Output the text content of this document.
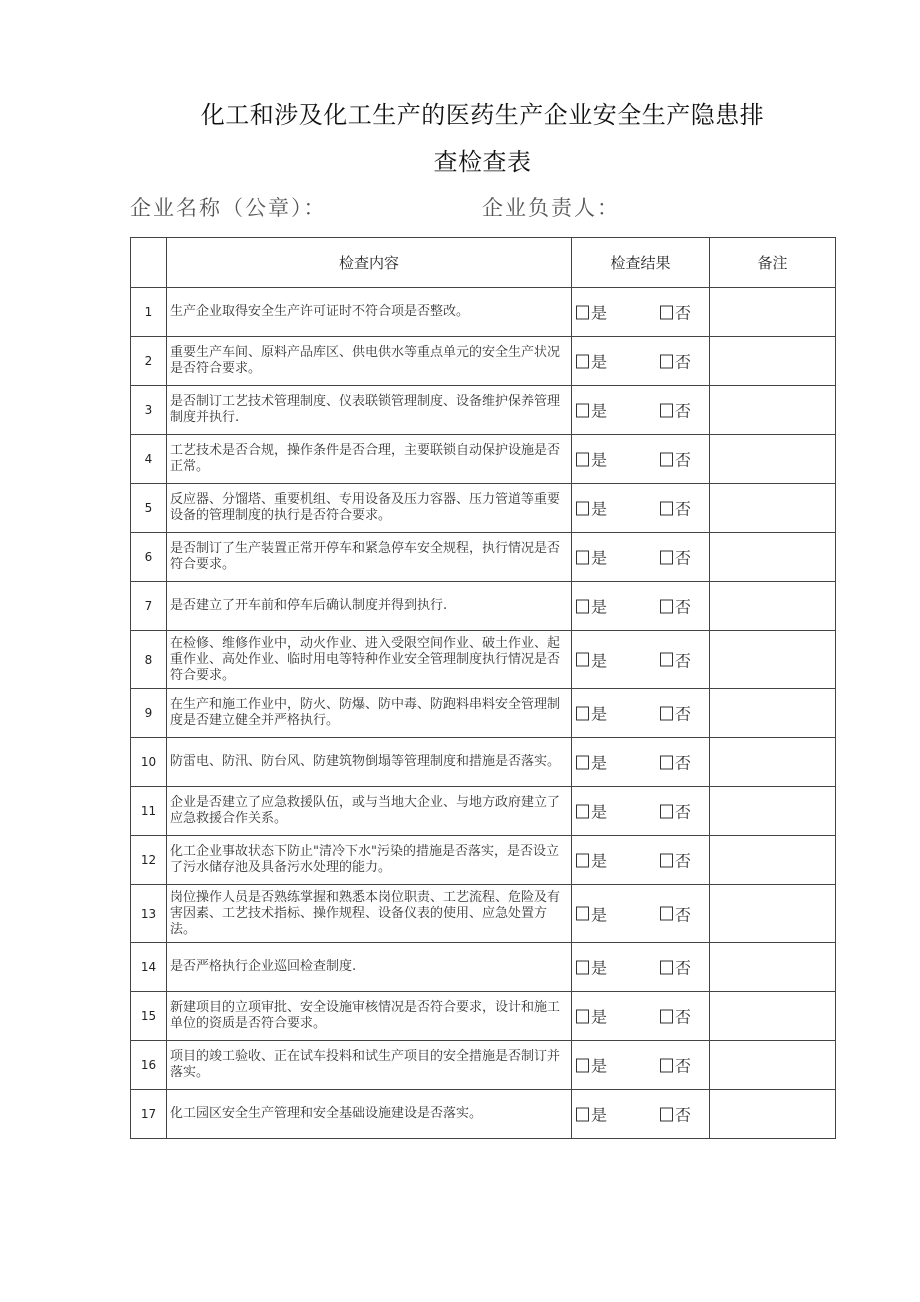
化工和涉及化工生产的医药生产企业安全生产隐患排
查检查表
企业名称（公章）：	企业负责人：
	检查内容	检查结果	备注
1	生产企业取得安全生产许可证时不符合项是否整改。	是 否	

2	重要生产车间、原料产品库区、供电供水等重点单元的安全生产状况是否符合要求。	是 否	

3	是否制订工艺技术管理制度、仪表联锁管理制度、设备维护保养管理制度并执行.	是 否	

4	工艺技术是否合规，操作条件是否合理，主要联锁自动保护设施是否正常。	是 否	

5	反应器、分馏塔、重要机组、专用设备及压力容器、压力管道等重要设备的管理制度的执行是否符合要求。	是 否	

6	是否制订了生产装置正常开停车和紧急停车安全规程，执行情况是否符合要求。	是 否	

7	是否建立了开车前和停车后确认制度并得到执行.	是 否	

8	在检修、维修作业中，动火作业、进入受限空间作业、破土作业、起重作业、高处作业、临时用电等特种作业安全管理制度执行情况是否符合要求。	是 否	

9	在生产和施工作业中，防火、防爆、防中毒、防跑料串料安全管理制度是否建立健全并严格执行。	是 否	

10	防雷电、防汛、防台风、防建筑物倒塌等管理制度和措施是否落实。	是 否	

11	企业是否建立了应急救援队伍，或与当地大企业、与地方政府建立了应急救援合作关系。	是 否	

12	化工企业事故状态下防止"清冷下水"污染的措施是否落实，是否设立了污水储存池及具备污水处理的能力。	是 否	

13	岗位操作人员是否熟练掌握和熟悉本岗位职责、工艺流程、危险及有害因素、工艺技术指标、操作规程、设备仪表的使用、应急处置方法。	是 否	

14	是否严格执行企业巡回检查制度.	是 否	

15	新建项目的立项审批、安全设施审核情况是否符合要求，设计和施工单位的资质是否符合要求。	是 否	

16	项目的竣工验收、正在试车投料和试生产项目的安全措施是否制订并落实。	是 否	

17	化工园区安全生产管理和安全基础设施建设是否落实。	是 否	
